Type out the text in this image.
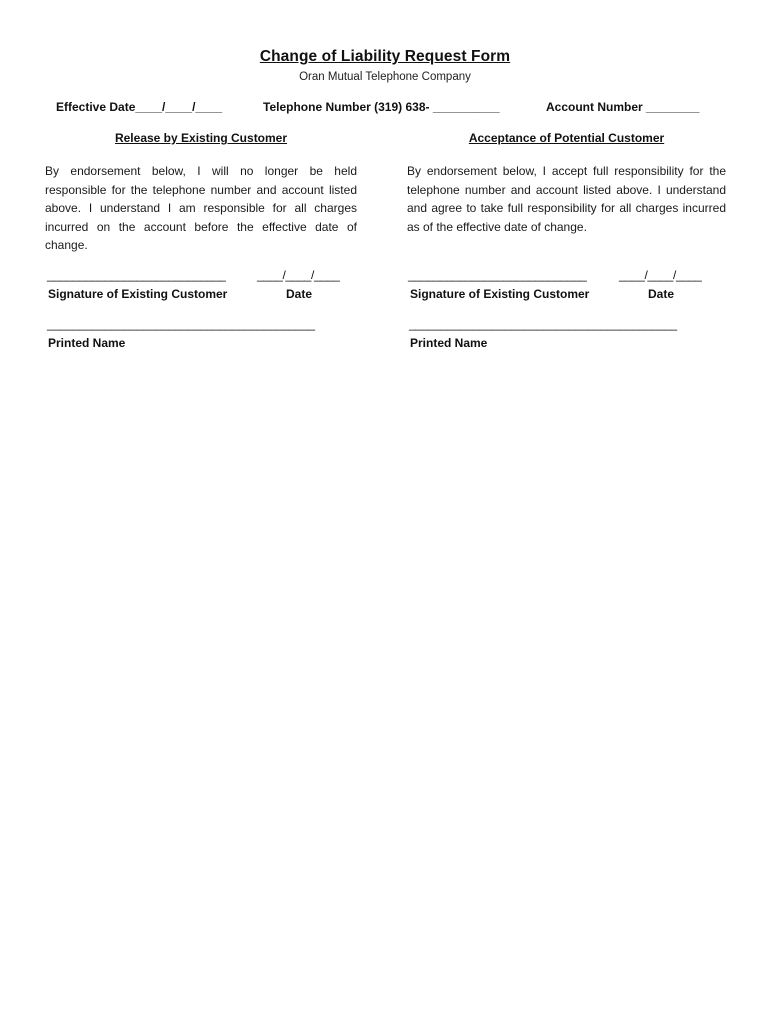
Change of Liability Request Form
Oran Mutual Telephone Company
Effective Date____/____/____	Telephone Number (319) 638- __________	Account Number ________
Release by Existing Customer
By endorsement below, I will no longer be held responsible for the telephone number and account listed above. I understand I am responsible for all charges incurred on the account before the effective date of change.
____________________________	____/____/____
Signature of Existing Customer	Date
__________________________________________
Printed Name
Acceptance of Potential Customer
By endorsement below, I accept full responsibility for the telephone number and account listed above. I understand and agree to take full responsibility for all charges incurred as of the effective date of change.
____________________________	____/____/____
Signature of Existing Customer	Date
__________________________________________
Printed Name
